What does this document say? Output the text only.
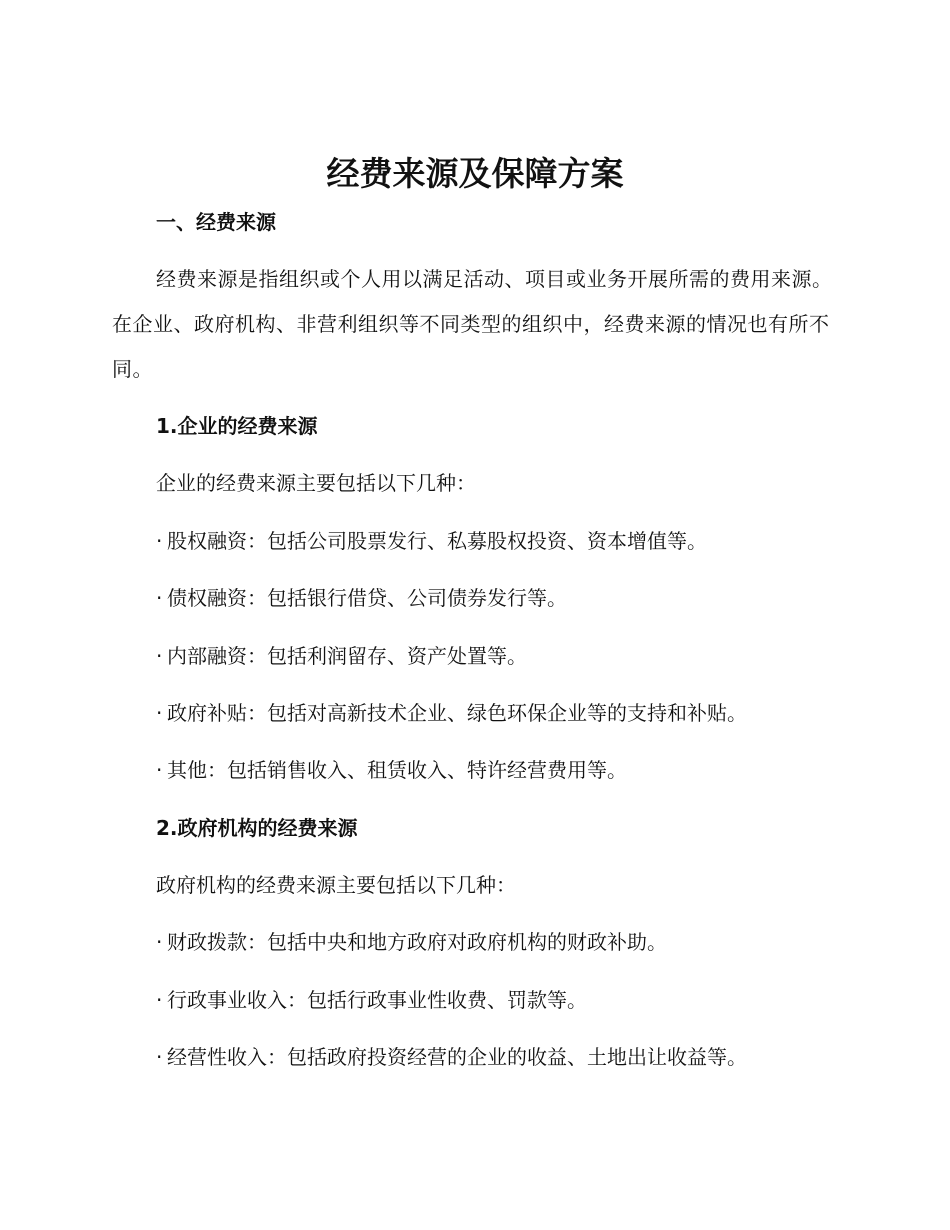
经费来源及保障方案
一、经费来源

经费来源是指组织或个人用以满足活动、项目或业务开展所需的费用来源。在企业、政府机构、非营利组织等不同类型的组织中，经费来源的情况也有所不同。

1.企业的经费来源

企业的经费来源主要包括以下几种：

· 股权融资：包括公司股票发行、私募股权投资、资本增值等。

· 债权融资：包括银行借贷、公司债券发行等。

· 内部融资：包括利润留存、资产处置等。

· 政府补贴：包括对高新技术企业、绿色环保企业等的支持和补贴。

· 其他：包括销售收入、租赁收入、特许经营费用等。

2.政府机构的经费来源

政府机构的经费来源主要包括以下几种：

· 财政拨款：包括中央和地方政府对政府机构的财政补助。

· 行政事业收入：包括行政事业性收费、罚款等。

· 经营性收入：包括政府投资经营的企业的收益、土地出让收益等。
